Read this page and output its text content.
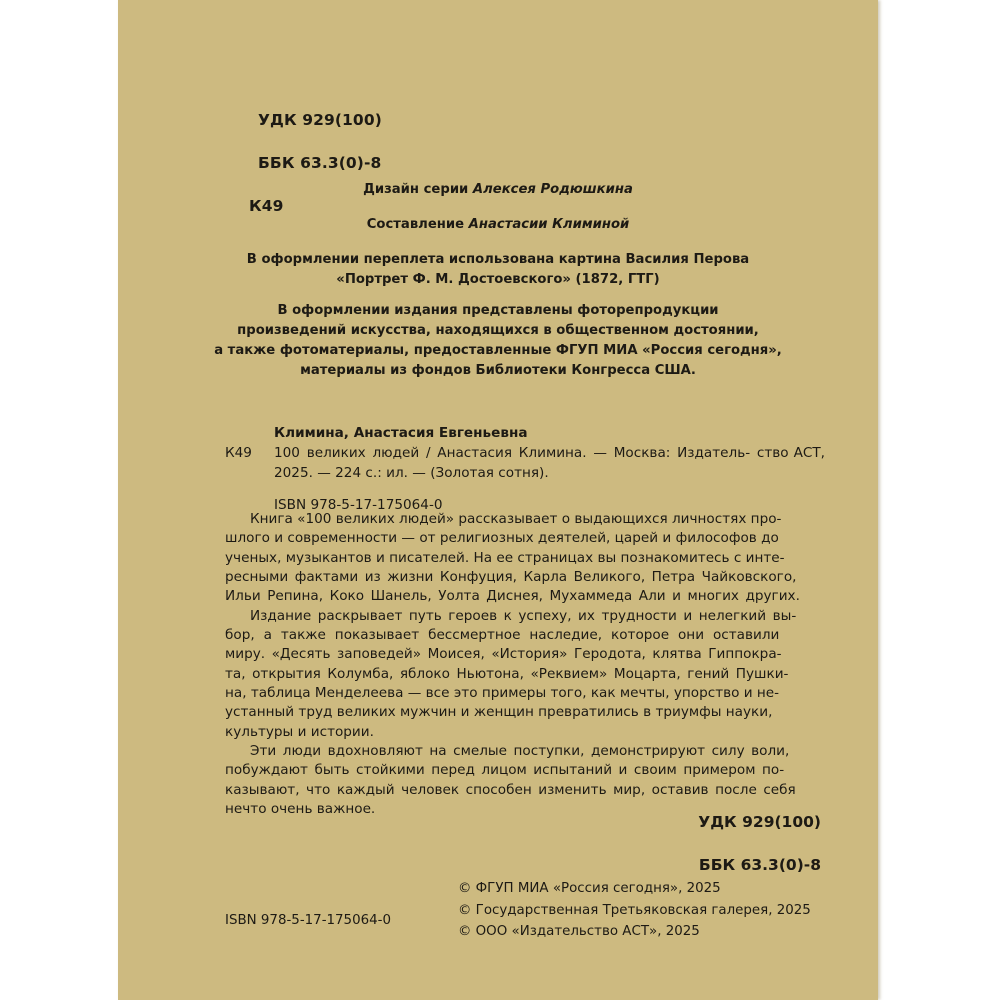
УДК 929(100)

ББК 63.3(0)-8

К49

Дизайн серии Алексея Родюшкина
Составление Анастасии Климиной
В оформлении переплета использована картина Василия Перова
«Портрет Ф. М. Достоевского» (1872, ГТГ)
В оформлении издания представлены фоторепродукции
произведений искусства, находящихся в общественном достоянии,
а также фотоматериалы, предоставленные ФГУП МИА «Россия сегодня»,
материалы из фондов Библиотеки Конгресса США.
Климина, Анастасия Евгеньевна
К49 100 великих людей / Анастасия Климина. — Москва: Издатель- ство АСТ, 2025. — 224 с.: ил. — (Золотая сотня).
ISBN 978-5-17-175064-0

Книга «100 великих людей» рассказывает о выдающихся личностях про-
шлого и современности — от религиозных деятелей, царей и философов до
ученых, музыкантов и писателей. На ее страницах вы познакомитесь с инте-
ресными фактами из жизни Конфуция, Карла Великого, Петра Чайковского,
Ильи Репина, Коко Шанель, Уолта Диснея, Мухаммеда Али и многих других.

Издание раскрывает путь героев к успеху, их трудности и нелегкий вы-
бор, а также показывает бессмертное наследие, которое они оставили
миру. «Десять заповедей» Моисея, «История» Геродота, клятва Гиппокра-
та, открытия Колумба, яблоко Ньютона, «Реквием» Моцарта, гений Пушки-
на, таблица Менделеева — все это примеры того, как мечты, упорство и не-
устанный труд великих мужчин и женщин превратились в триумфы науки,
культуры и истории.

Эти люди вдохновляют на смелые поступки, демонстрируют силу воли,
побуждают быть стойкими перед лицом испытаний и своим примером по-
казывают, что каждый человек способен изменить мир, оставив после себя
нечто очень важное.

УДК 929(100)

ББК 63.3(0)-8

ISBN 978-5-17-175064-0
© ФГУП МИА «Россия сегодня», 2025
© Государственная Третьяковская галерея, 2025
© ООО «Издательство АСТ», 2025
